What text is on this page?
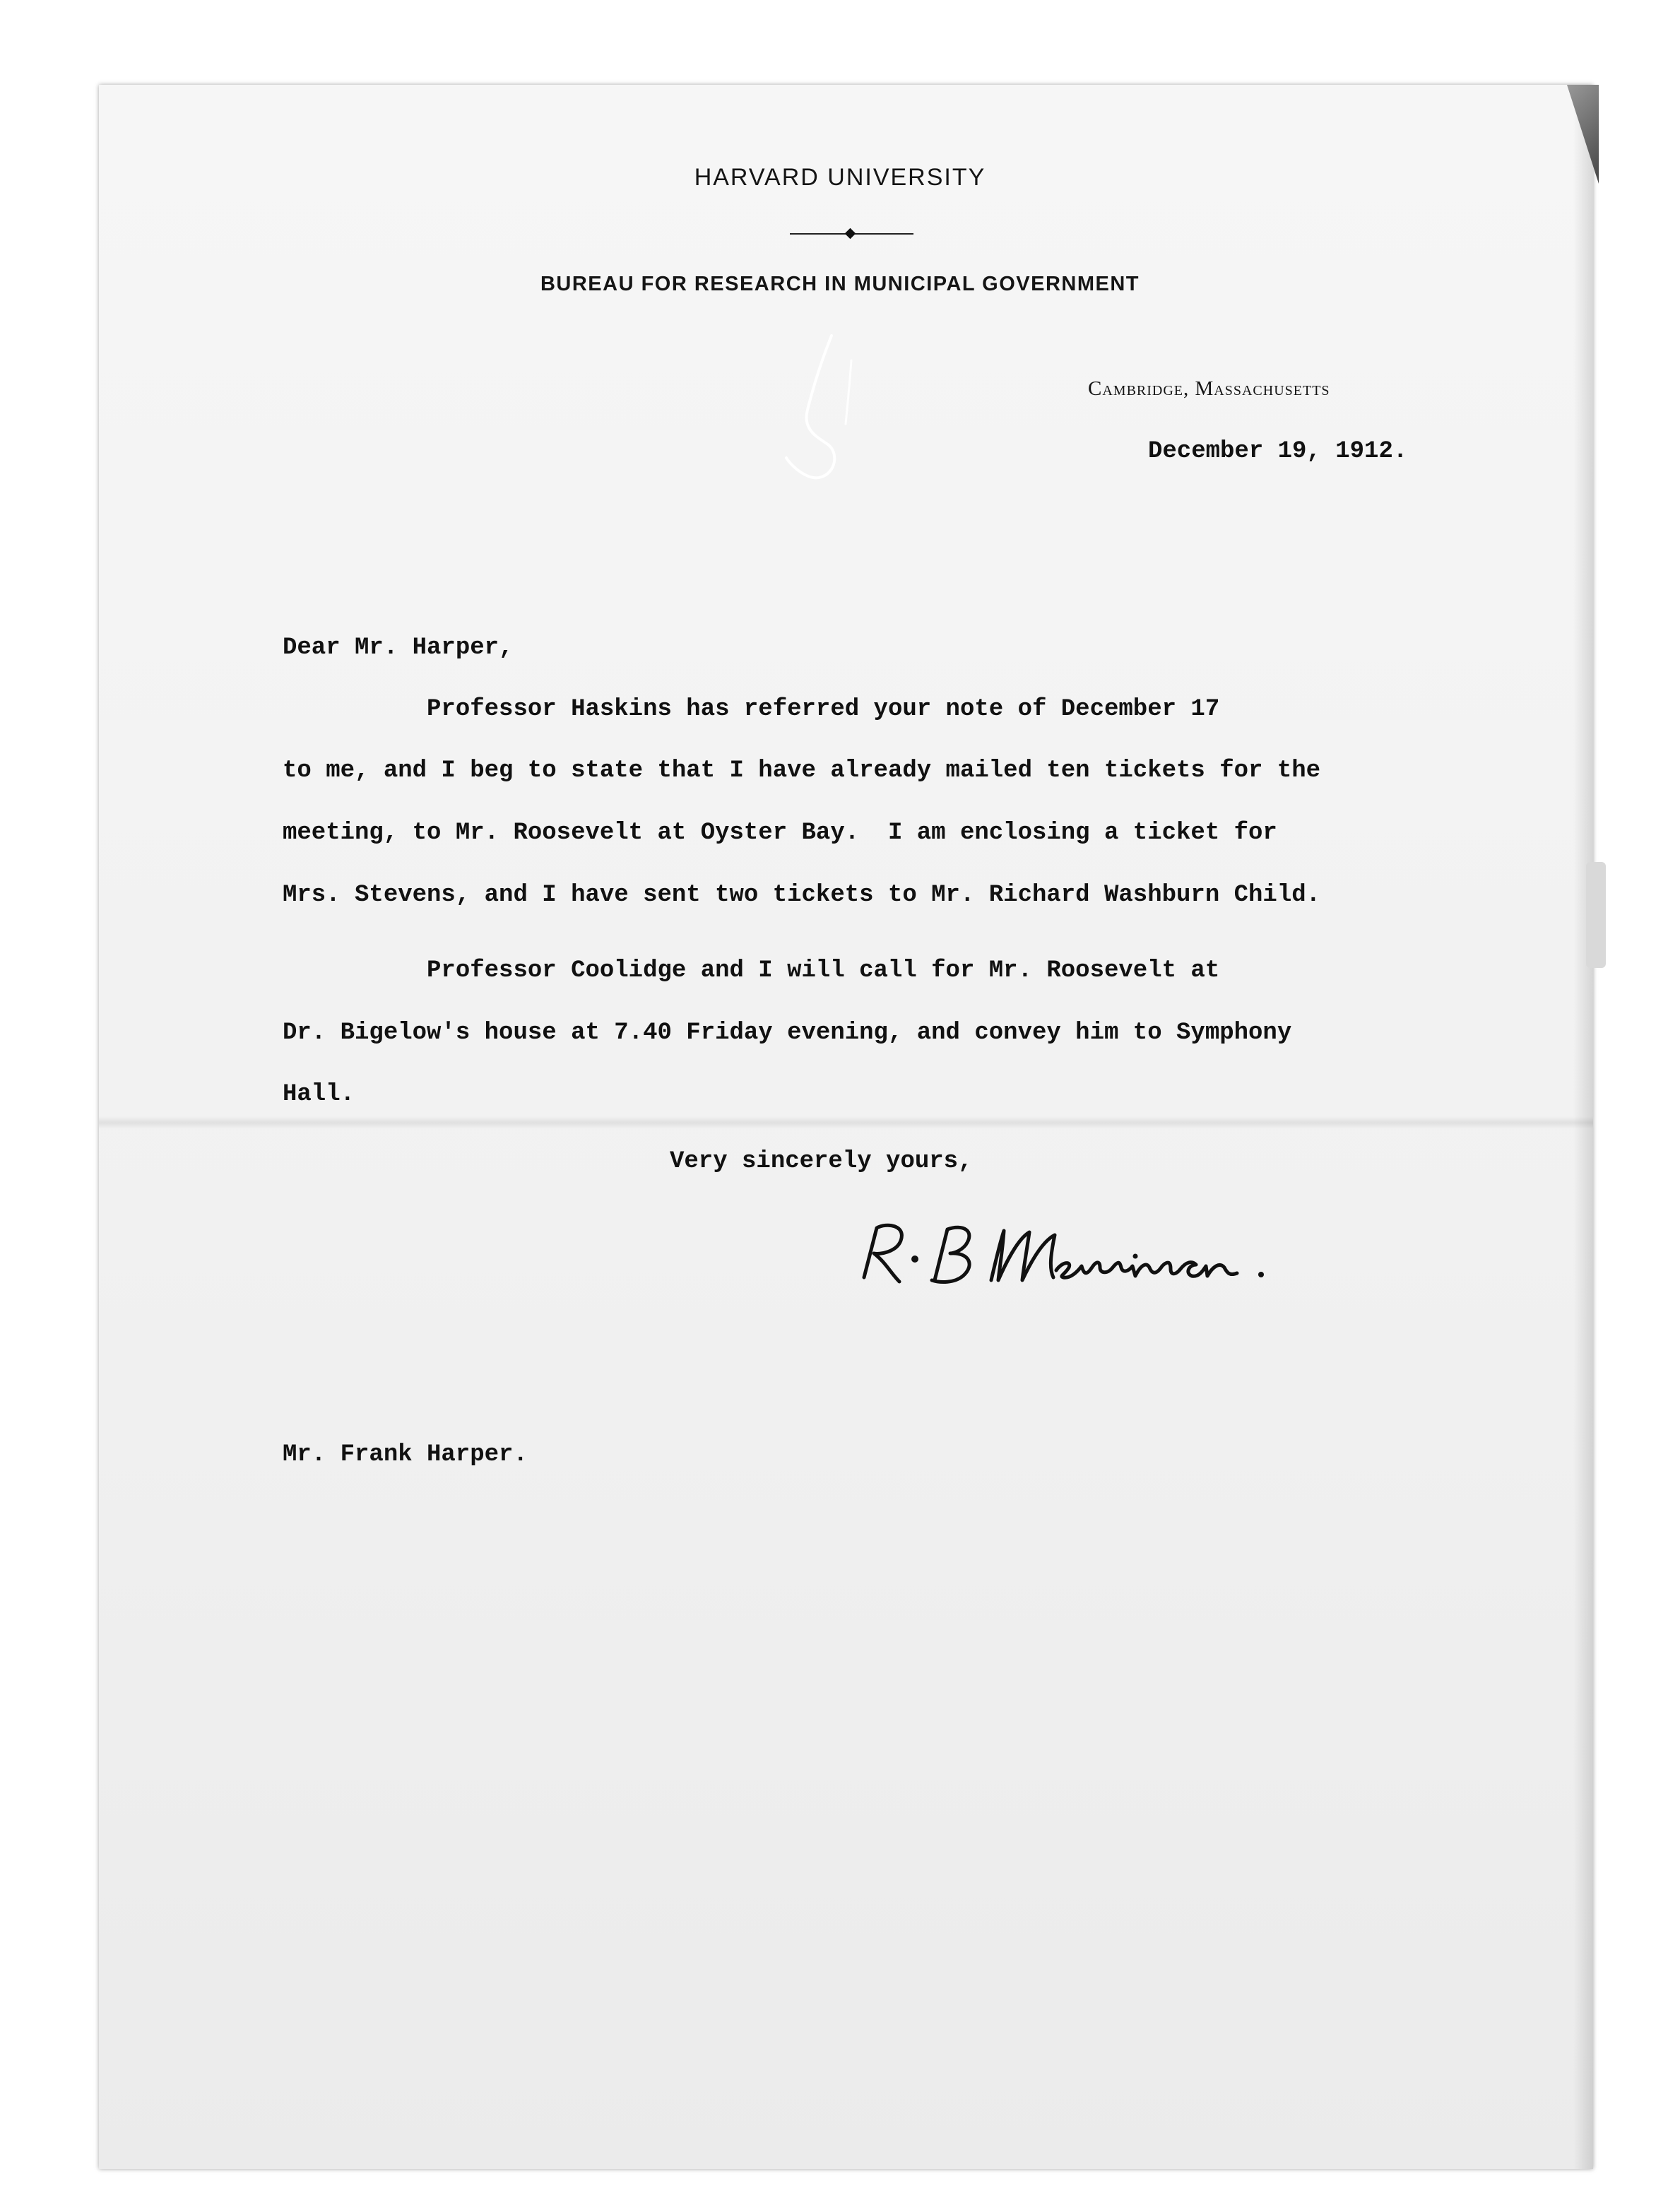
HARVARD UNIVERSITY
BUREAU FOR RESEARCH IN MUNICIPAL GOVERNMENT
Cambridge, Massachusetts
December 19, 1912.
Dear Mr. Harper,
Professor Haskins has referred your note of December 17
to me, and I beg to state that I have already mailed ten tickets for the
meeting, to Mr. Roosevelt at Oyster Bay.  I am enclosing a ticket for
Mrs. Stevens, and I have sent two tickets to Mr. Richard Washburn Child.
Professor Coolidge and I will call for Mr. Roosevelt at
Dr. Bigelow's house at 7.40 Friday evening, and convey him to Symphony
Hall.
Very sincerely yours,
Mr. Frank Harper.
